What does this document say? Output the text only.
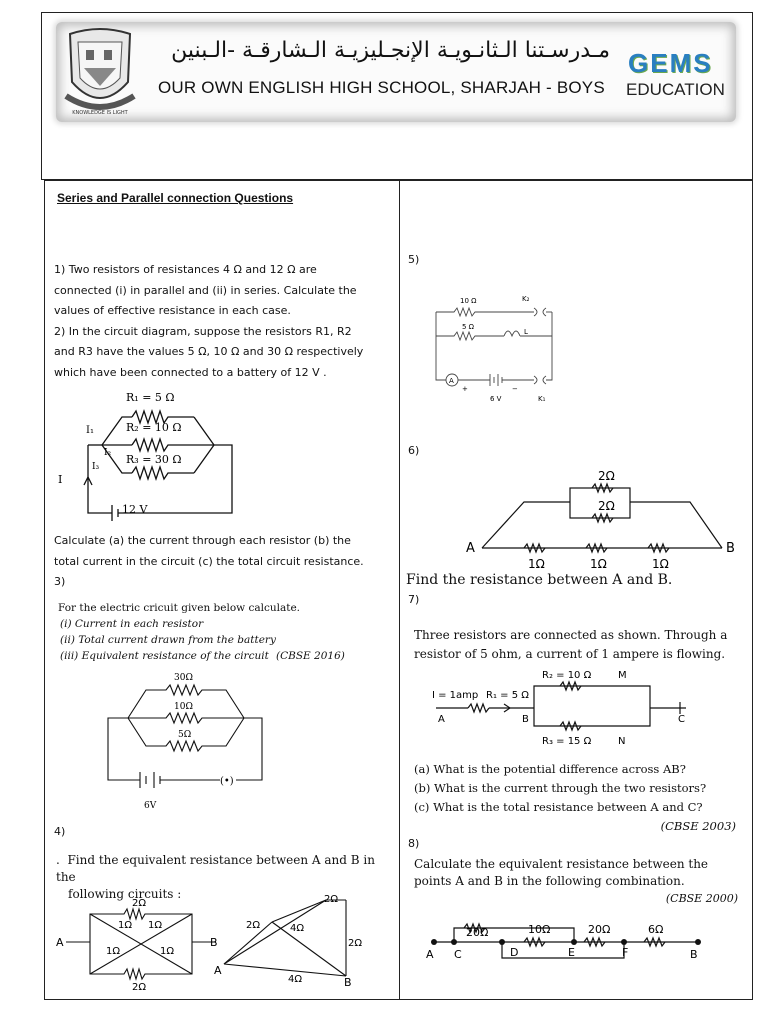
KNOWLEDGE IS LIGHT
مـدرسـتنا الـثانـويـة الإنجـليزيـة الـشارقـة -الـبنين
OUR OWN ENGLISH HIGH SCHOOL, SHARJAH - BOYS
GEMS
EDUCATION
Series and Parallel connection Questions
1) Two resistors of resistances 4 Ω and 12 Ω are
connected (i) in parallel and (ii) in series. Calculate the
values of effective resistance in each case.
2) In the circuit diagram, suppose the resistors R1, R2
and R3 have the values 5 Ω, 10 Ω and 30 Ω respectively
which have been connected to a battery of 12 V .
R₁ = 5 Ω
R₂ = 10 Ω
R₃ = 30 Ω
I₁
I₂
I₃
I
12 V
Calculate (a) the current through each resistor (b) the
total current in the circuit (c) the total circuit resistance.
3)
For the electric cricuit given below calculate.
(i) Current in each resistor
(ii) Total current drawn from the battery
(iii) Equivalent resistance of the circuit (CBSE 2016)
30Ω
10Ω
5Ω
(•)
6V
4)
. Find the equivalent resistance between A and B in the
following circuits :
2Ω
2Ω
1Ω 1Ω
1Ω	1Ω
A	B
2Ω
2Ω
4Ω
2Ω
4Ω
A
B
5)
10 Ω
5 Ω
L
K₂
A
+	−
6 V	K₁
6)
2Ω
2Ω
1Ω	1Ω	1Ω
A	B
Find the resistance between A and B.
7)
Three resistors are connected as shown. Through a
resistor of 5 ohm, a current of 1 ampere is flowing.
I = 1amp R₁ = 5 Ω
R₂ = 10 Ω
R₃ = 15 Ω
M
N
A	B	C
(a) What is the potential difference across AB?
(b) What is the current through the two resistors?
(c) What is the total resistance between A and C?
(CBSE 2003)
8)
Calculate the equivalent resistance between the
points A and B in the following combination.
(CBSE 2000)
20Ω	10Ω	20Ω	6Ω
A C	D	E	F	B
